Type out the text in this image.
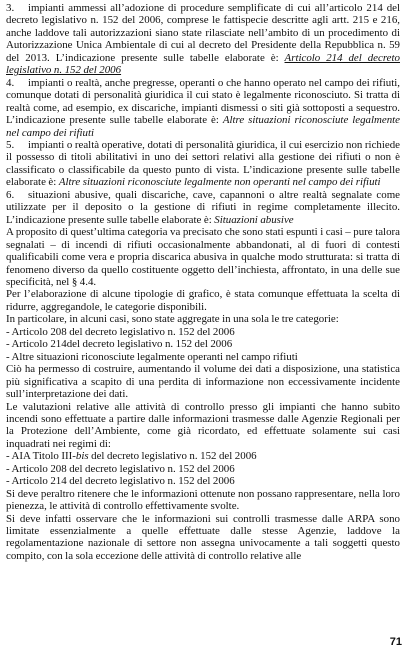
3. impianti ammessi all’adozione di procedure semplificate di cui all’articolo 214 del decreto legislativo n. 152 del 2006, comprese le fattispecie descritte agli artt. 215 e 216, anche laddove tali autorizzazioni siano state rilasciate nell’ambito di un procedimento di Autorizzazione Unica Ambientale di cui al decreto del Presidente della Repubblica n. 59 del 2013. L’indicazione presente sulle tabelle elaborate è: Articolo 214 del decreto legislativo n. 152 del 2006

4. impianti o realtà, anche pregresse, operanti o che hanno operato nel campo dei rifiuti, comunque dotati di personalità giuridica il cui stato è legalmente riconosciuto. Si tratta di realtà come, ad esempio, ex discariche, impianti dismessi o siti già sottoposti a sequestro. L’indicazione presente sulle tabelle elaborate è: Altre situazioni riconosciute legalmente nel campo dei rifiuti

5. impianti o realtà operative, dotati di personalità giuridica, il cui esercizio non richiede il possesso di titoli abilitativi in uno dei settori relativi alla gestione dei rifiuti o non è classificato o classificabile da questo punto di vista. L’indicazione presente sulle tabelle elaborate è: Altre situazioni riconosciute legalmente non operanti nel campo dei rifiuti

6. situazioni abusive, quali discariche, cave, capannoni o altre realtà segnalate come utilizzate per il deposito o la gestione di rifiuti in regime completamente illecito. L’indicazione presente sulle tabelle elaborate è: Situazioni abusive

A proposito di quest’ultima categoria va precisato che sono stati espunti i casi – pure talora segnalati – di incendi di rifiuti occasionalmente abbandonati, al di fuori di contesti qualificabili come vera e propria discarica abusiva in qualche modo strutturata: si tratta di fenomeno diverso da quello costituente oggetto dell’inchiesta, affrontato, in una delle sue specificità, nel § 4.4.

Per l’elaborazione di alcune tipologie di grafico, è stata comunque effettuata la scelta di ridurre, aggregandole, le categorie disponibili.

In particolare, in alcuni casi, sono state aggregate in una sola le tre categorie:

- Articolo 208 del decreto legislativo n. 152 del 2006
- Articolo 214del decreto legislativo n. 152 del 2006
- Altre situazioni riconosciute legalmente operanti nel campo rifiuti

Ciò ha permesso di costruire, aumentando il volume dei dati a disposizione, una statistica più significativa a scapito di una perdita di informazione non eccessivamente incidente sull’interpretazione dei dati.

Le valutazioni relative alle attività di controllo presso gli impianti che hanno subito incendi sono effettuate a partire dalle informazioni trasmesse dalle Agenzie Regionali per la Protezione dell’Ambiente, come già ricordato, ed effettuate solamente sui casi inquadrati nei regimi di:

- AIA Titolo III-bis del decreto legislativo n. 152 del 2006
- Articolo 208 del decreto legislativo n. 152 del 2006
- Articolo 214 del decreto legislativo n. 152 del 2006

Si deve peraltro ritenere che le informazioni ottenute non possano rappresentare, nella loro pienezza, le attività di controllo effettivamente svolte.

Si deve infatti osservare che le informazioni sui controlli trasmesse dalle ARPA sono limitate essenzialmente a quelle effettuate dalle stesse Agenzie, laddove la regolamentazione nazionale di settore non assegna univocamente a tali soggetti questo compito, con la sola eccezione delle attività di controllo relative alle

71
